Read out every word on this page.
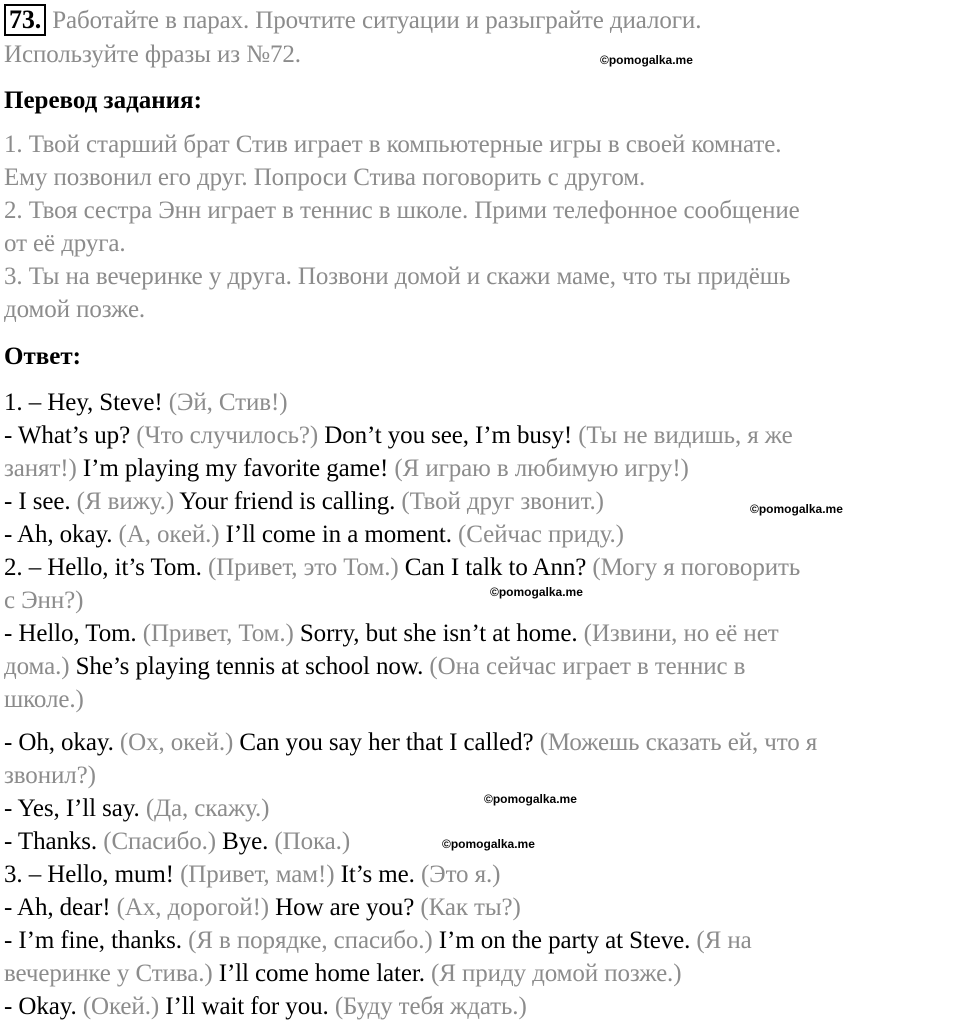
73. Работайте в парах. Прочтите ситуации и разыграйте диалоги.
Используйте фразы из №72.
Перевод задания:
1. Твой старший брат Стив играет в компьютерные игры в своей комнате.
Ему позвонил его друг. Попроси Стива поговорить с другом.
2. Твоя сестра Энн играет в теннис в школе. Прими телефонное сообщение
от её друга.
3. Ты на вечеринке у друга. Позвони домой и скажи маме, что ты придёшь
домой позже.
Ответ:
1. – Hey, Steve! (Эй, Стив!)
- What’s up? (Что случилось?) Don’t you see, I’m busy! (Ты не видишь, я же
занят!) I’m playing my favorite game! (Я играю в любимую игру!)
- I see. (Я вижу.) Your friend is calling. (Твой друг звонит.)
- Ah, okay. (А, окей.) I’ll come in a moment. (Сейчас приду.)
2. – Hello, it’s Tom. (Привет, это Том.) Can I talk to Ann? (Могу я поговорить
с Энн?)
- Hello, Tom. (Привет, Том.) Sorry, but she isn’t at home. (Извини, но её нет
дома.) She’s playing tennis at school now. (Она сейчас играет в теннис в
школе.)
- Oh, okay. (Ох, окей.) Can you say her that I called? (Можешь сказать ей, что я
звонил?)
- Yes, I’ll say. (Да, скажу.)
- Thanks. (Спасибо.) Bye. (Пока.)
3. – Hello, mum! (Привет, мам!) It’s me. (Это я.)
- Ah, dear! (Ах, дорогой!) How are you? (Как ты?)
- I’m fine, thanks. (Я в порядке, спасибо.) I’m on the party at Steve. (Я на
вечеринке у Стива.) I’ll come home later. (Я приду домой позже.)
- Okay. (Окей.) I’ll wait for you. (Буду тебя ждать.)
©pomogalka.me
©pomogalka.me
©pomogalka.me
©pomogalka.me
©pomogalka.me
